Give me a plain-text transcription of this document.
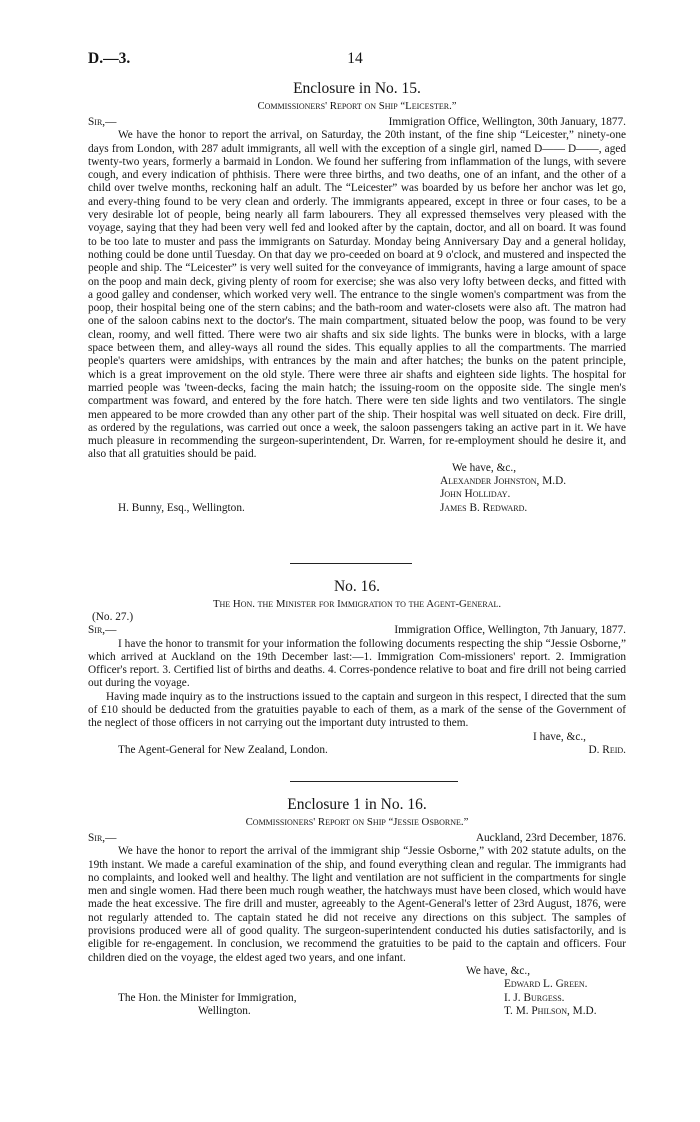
D.—3.	14
Enclosure in No. 15.
Commissioners' Report on Ship “Leicester.”
Sir,—	Immigration Office, Wellington, 30th January, 1877.

We have the honor to report the arrival, on Saturday, the 20th instant, of the fine ship “Leicester,” ninety-one days from London, with 287 adult immigrants, all well with the exception of a single girl, named D—— D——, aged twenty-two years, formerly a barmaid in London. We found her suffering from inflammation of the lungs, with severe cough, and every indication of phthisis. There were three births, and two deaths, one of an infant, and the other of a child over twelve months, reckoning half an adult. The “Leicester” was boarded by us before her anchor was let go, and every-thing found to be very clean and orderly. The immigrants appeared, except in three or four cases, to be a very desirable lot of people, being nearly all farm labourers. They all expressed themselves very pleased with the voyage, saying that they had been very well fed and looked after by the captain, doctor, and all on board. It was found to be too late to muster and pass the immigrants on Saturday. Monday being Anniversary Day and a general holiday, nothing could be done until Tuesday. On that day we pro-ceeded on board at 9 o'clock, and mustered and inspected the people and ship. The “Leicester” is very well suited for the conveyance of immigrants, having a large amount of space on the poop and main deck, giving plenty of room for exercise; she was also very lofty between decks, and fitted with a good galley and condenser, which worked very well. The entrance to the single women's compartment was from the poop, their hospital being one of the stern cabins; and the bath-room and water-closets were also aft. The matron had one of the saloon cabins next to the doctor's. The main compartment, situated below the poop, was found to be very clean, roomy, and well fitted. There were two air shafts and six side lights. The bunks were in blocks, with a large space between them, and alley-ways all round the sides. This equally applies to all the compartments. The married people's quarters were amidships, with entrances by the main and after hatches; the bunks on the patent principle, which is a great improvement on the old style. There were three air shafts and eighteen side lights. The hospital for married people was 'tween-decks, facing the main hatch; the issuing-room on the opposite side. The single men's compartment was foward, and entered by the fore hatch. There were ten side lights and two ventilators. The single men appeared to be more crowded than any other part of the ship. Their hospital was well situated on deck. Fire drill, as ordered by the regulations, was carried out once a week, the saloon passengers taking an active part in it. We have much pleasure in recommending the surgeon-superintendent, Dr. Warren, for re-employment should he desire it, and also that all gratuities should be paid.

We have, &c.,
Alexander Johnston, M.D.
John Holliday.
H. Bunny, Esq., Wellington.	James B. Redward.
No. 16.
The Hon. the Minister for Immigration to the Agent-General.
(No. 27.)
Sir,—	Immigration Office, Wellington, 7th January, 1877.

I have the honor to transmit for your information the following documents respecting the ship “Jessie Osborne,” which arrived at Auckland on the 19th December last:—1. Immigration Com-missioners' report. 2. Immigration Officer's report. 3. Certified list of births and deaths. 4. Corres-pondence relative to boat and fire drill not being carried out during the voyage.

Having made inquiry as to the instructions issued to the captain and surgeon in this respect, I directed that the sum of £10 should be deducted from the gratuities payable to each of them, as a mark of the sense of the Government of the neglect of those officers in not carrying out the important duty intrusted to them.

I have, &c.,
The Agent-General for New Zealand, London.	D. Reid.
Enclosure 1 in No. 16.
Commissioners' Report on Ship “Jessie Osborne.”
Sir,—	Auckland, 23rd December, 1876.

We have the honor to report the arrival of the immigrant ship “Jessie Osborne,” with 202 statute adults, on the 19th instant. We made a careful examination of the ship, and found everything clean and regular. The immigrants had no complaints, and looked well and healthy. The light and ventilation are not sufficient in the compartments for single men and single women. Had there been much rough weather, the hatchways must have been closed, which would have made the heat excessive. The fire drill and muster, agreeably to the Agent-General's letter of 23rd August, 1876, were not regularly attended to. The captain stated he did not receive any directions on this subject. The samples of provisions produced were all of good quality. The surgeon-superintendent conducted his duties satisfactorily, and is eligible for re-engagement. In conclusion, we recommend the gratuities to be paid to the captain and officers. Four children died on the voyage, the eldest aged two years, and one infant.

We have, &c.,
Edward L. Green.
The Hon. the Minister for Immigration,	I. J. Burgess.
Wellington.	T. M. Philson, M.D.
